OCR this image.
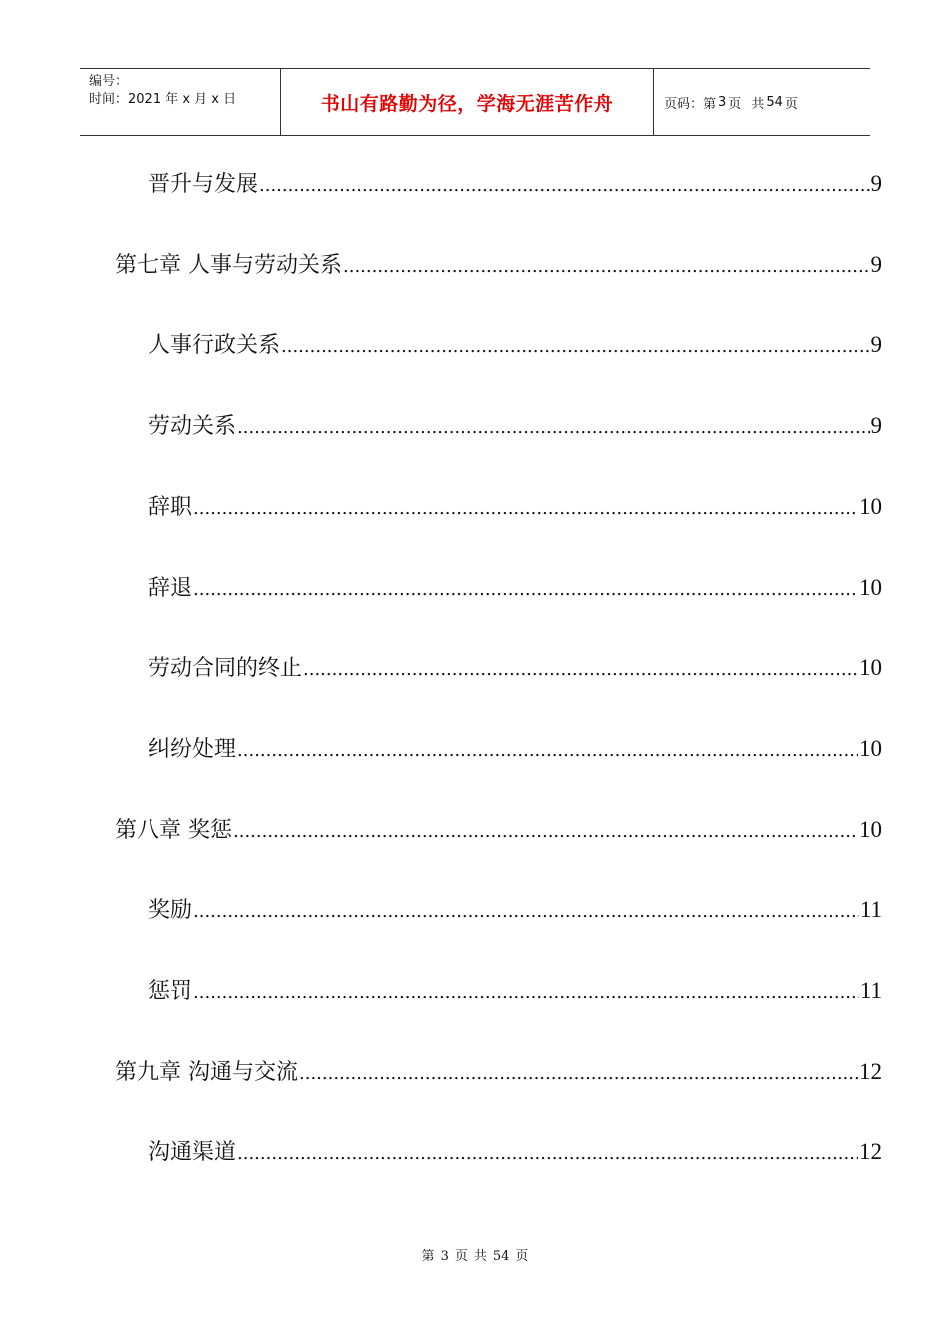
编号：
时间：2021 年 x 月 x 日	书山有路勤为径，学海无涯苦作舟	页码：第 3 页 共 54 页
晋升与发展 .....	9
第七章 人事与劳动关系 .....	9
人事行政关系 .....	9
劳动关系 .....	9
辞职 .....	10
辞退 .....	10
劳动合同的终止 .....	10
纠纷处理 .....	10
第八章 奖惩 .....	10
奖励 .....	11
惩罚 .....	11
第九章 沟通与交流 .....	12
沟通渠道 .....	12
第 3 页 共 54 页
